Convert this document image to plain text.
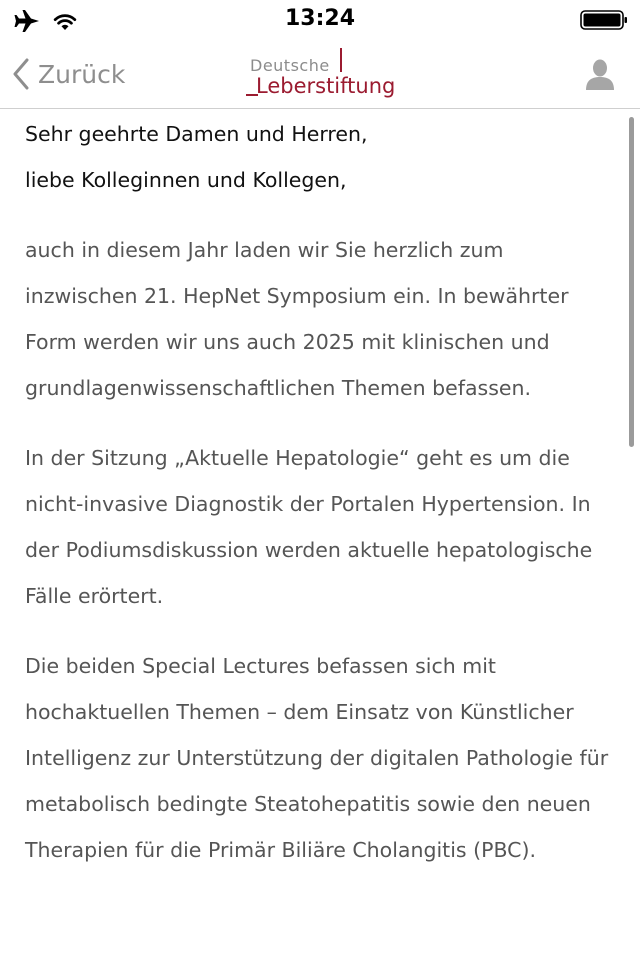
13:24
Zurück	Deutsche
Leberstiftung

Sehr geehrte Damen und Herren,

liebe Kolleginnen und Kollegen,

auch in diesem Jahr laden wir Sie herzlich zum inzwischen 21. HepNet Symposium ein. In bewährter Form werden wir uns auch 2025 mit klinischen und grundlagenwissenschaftlichen Themen befassen.

In der Sitzung „Aktuelle Hepatologie“ geht es um die nicht-invasive Diagnostik der Portalen Hypertension. In der Podiumsdiskussion werden aktuelle hepatologische Fälle erörtert.

Die beiden Special Lectures befassen sich mit hochaktuellen Themen – dem Einsatz von Künstlicher Intelligenz zur Unterstützung der digitalen Pathologie für metabolisch bedingte Steatohepatitis sowie den neuen Therapien für die Primär Biliäre Cholangitis (PBC).
